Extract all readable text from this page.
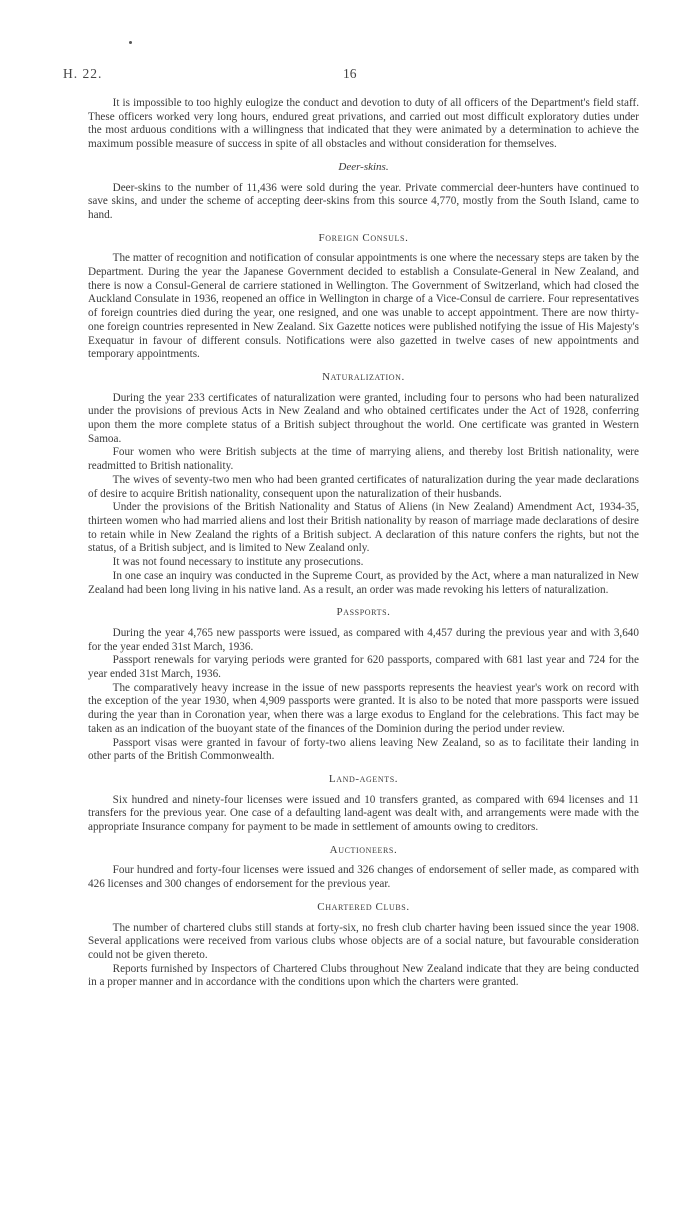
H. 22.	16

It is impossible to too highly eulogize the conduct and devotion to duty of all officers of the Department's field staff. These officers worked very long hours, endured great privations, and carried out most difficult exploratory duties under the most arduous conditions with a willingness that indicated that they were animated by a determination to achieve the maximum possible measure of success in spite of all obstacles and without consideration for themselves.

Deer-skins.

Deer-skins to the number of 11,436 were sold during the year. Private commercial deer-hunters have continued to save skins, and under the scheme of accepting deer-skins from this source 4,770, mostly from the South Island, came to hand.

Foreign Consuls.

The matter of recognition and notification of consular appointments is one where the necessary steps are taken by the Department. During the year the Japanese Government decided to establish a Consulate-General in New Zealand, and there is now a Consul-General de carriere stationed in Wellington. The Government of Switzerland, which had closed the Auckland Consulate in 1936, reopened an office in Wellington in charge of a Vice-Consul de carriere. Four representatives of foreign countries died during the year, one resigned, and one was unable to accept appointment. There are now thirty-one foreign countries represented in New Zealand. Six Gazette notices were published notifying the issue of His Majesty's Exequatur in favour of different consuls. Notifications were also gazetted in twelve cases of new appointments and temporary appointments.

Naturalization.

During the year 233 certificates of naturalization were granted, including four to persons who had been naturalized under the provisions of previous Acts in New Zealand and who obtained certificates under the Act of 1928, conferring upon them the more complete status of a British subject throughout the world. One certificate was granted in Western Samoa.

Four women who were British subjects at the time of marrying aliens, and thereby lost British nationality, were readmitted to British nationality.

The wives of seventy-two men who had been granted certificates of naturalization during the year made declarations of desire to acquire British nationality, consequent upon the naturalization of their husbands.

Under the provisions of the British Nationality and Status of Aliens (in New Zealand) Amendment Act, 1934-35, thirteen women who had married aliens and lost their British nationality by reason of marriage made declarations of desire to retain while in New Zealand the rights of a British subject. A declaration of this nature confers the rights, but not the status, of a British subject, and is limited to New Zealand only.

It was not found necessary to institute any prosecutions.

In one case an inquiry was conducted in the Supreme Court, as provided by the Act, where a man naturalized in New Zealand had been long living in his native land. As a result, an order was made revoking his letters of naturalization.

Passports.

During the year 4,765 new passports were issued, as compared with 4,457 during the previous year and with 3,640 for the year ended 31st March, 1936.

Passport renewals for varying periods were granted for 620 passports, compared with 681 last year and 724 for the year ended 31st March, 1936.

The comparatively heavy increase in the issue of new passports represents the heaviest year's work on record with the exception of the year 1930, when 4,909 passports were granted. It is also to be noted that more passports were issued during the year than in Coronation year, when there was a large exodus to England for the celebrations. This fact may be taken as an indication of the buoyant state of the finances of the Dominion during the period under review.

Passport visas were granted in favour of forty-two aliens leaving New Zealand, so as to facilitate their landing in other parts of the British Commonwealth.

Land-agents.

Six hundred and ninety-four licenses were issued and 10 transfers granted, as compared with 694 licenses and 11 transfers for the previous year. One case of a defaulting land-agent was dealt with, and arrangements were made with the appropriate Insurance company for payment to be made in settlement of amounts owing to creditors.

Auctioneers.

Four hundred and forty-four licenses were issued and 326 changes of endorsement of seller made, as compared with 426 licenses and 300 changes of endorsement for the previous year.

Chartered Clubs.

The number of chartered clubs still stands at forty-six, no fresh club charter having been issued since the year 1908. Several applications were received from various clubs whose objects are of a social nature, but favourable consideration could not be given thereto.

Reports furnished by Inspectors of Chartered Clubs throughout New Zealand indicate that they are being conducted in a proper manner and in accordance with the conditions upon which the charters were granted.
